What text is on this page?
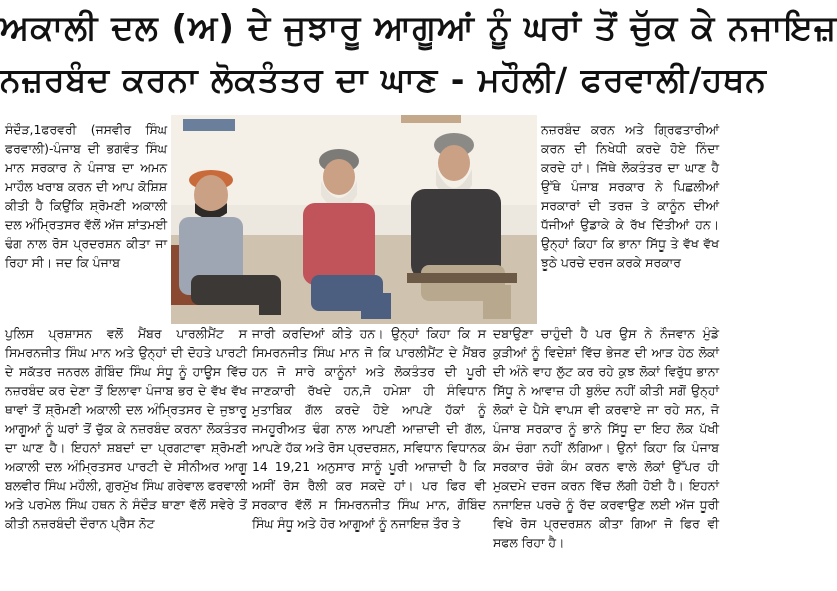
ਅਕਾਲੀ ਦਲ (ਅ) ਦੇ ਜੁਝਾਰੂ ਆਗੂਆਂ ਨੂੰ ਘਰਾਂ ਤੋਂ ਚੁੱਕ ਕੇ ਨਜਾਇਜ਼
ਨਜ਼ਰਬੰਦ ਕਰਨਾ ਲੋਕਤੰਤਰ ਦਾ ਘਾਣ - ਮਹੌਲੀ/ ਫਰਵਾਲੀ/ਹਥਨ

ਸੰਦੌੜ,1ਫਰਵਰੀ (ਜਸਵੀਰ ਸਿੰਘ ਫਰਵਾਲੀ)-ਪੰਜਾਬ ਦੀ ਭਗਵੰਤ ਸਿੰਘ ਮਾਨ ਸਰਕਾਰ ਨੇ ਪੰਜਾਬ ਦਾ ਅਮਨ ਮਾਹੌਲ ਖਰਾਬ ਕਰਨ ਦੀ ਆਪ ਕੋਸ਼ਿਸ਼ ਕੀਤੀ ਹੈ ਕਿਉਂਕਿ ਸ਼੍ਰੋਮਣੀ ਅਕਾਲੀ ਦਲ ਅੰਮ੍ਰਿਤਸਰ ਵੱਲੋਂ ਅੱਜ ਸ਼ਾਂਤਮਈ ਢੰਗ ਨਾਲ ਰੋਸ ਪ੍ਰਦਰਸ਼ਨ ਕੀਤਾ ਜਾ ਰਿਹਾ ਸੀ। ਜਦ ਕਿ ਪੰਜਾਬ

ਨਜ਼ਰਬੰਦ ਕਰਨ ਅਤੇ ਗ੍ਰਿਫਤਾਰੀਆਂ ਕਰਨ ਦੀ ਨਿਖੇਧੀ ਕਰਦੇ ਹੋਏ ਨਿੰਦਾ ਕਰਦੇ ਹਾਂ। ਜਿੱਥੇ ਲੋਕਤੰਤਰ ਦਾ ਘਾਣ ਹੈ ਉੱਥੇ ਪੰਜਾਬ ਸਰਕਾਰ ਨੇ ਪਿਛਲੀਆਂ ਸਰਕਾਰਾਂ ਦੀ ਤਰਜ਼ ਤੇ ਕਾਨੂੰਨ ਦੀਆਂ ਧੱਜੀਆਂ ਉਡਾਕੇ ਕੇ ਰੱਖ ਦਿੱਤੀਆਂ ਹਨ। ਉਨ੍ਹਾਂ ਕਿਹਾ ਕਿ ਭਾਨਾ ਸਿੱਧੂ ਤੇ ਵੱਖ ਵੱਖ ਝੂਠੇ ਪਰਚੇ ਦਰਜ ਕਰਕੇ ਸਰਕਾਰ

ਪੁਲਿਸ ਪ੍ਰਸ਼ਾਸਨ ਵਲੋਂ ਮੈਂਬਰ ਪਾਰਲੀਮੈਂਟ ਸ ਸਿਮਰਨਜੀਤ ਸਿੰਘ ਮਾਨ ਅਤੇ ਉਨ੍ਹਾਂ ਦੀ ਦੋਹਤੇ ਪਾਰਟੀ ਦੇ ਸਕੱਤਰ ਜਨਰਲ ਗੋਬਿੰਦ ਸਿੰਘ ਸੰਧੂ ਨੂੰ ਹਾਊਸ ਵਿੱਚ ਨਜ਼ਰਬੰਦ ਕਰ ਦੇਣਾ ਤੋਂ ਇਲਾਵਾ ਪੰਜਾਬ ਭਰ ਦੇ ਵੱਖ ਵੱਖ ਥਾਵਾਂ ਤੋਂ ਸ਼੍ਰੋਮਣੀ ਅਕਾਲੀ ਦਲ ਅੰਮ੍ਰਿਤਸਰ ਦੇ ਜੁਝਾਰੂ ਆਗੂਆਂ ਨੂੰ ਘਰਾਂ ਤੋਂ ਚੁੱਕ ਕੇ ਨਜ਼ਰਬੰਦ ਕਰਨਾ ਲੋਕਤੰਤਰ ਦਾ ਘਾਣ ਹੈ। ਇਹਨਾਂ ਸ਼ਬਦਾਂ ਦਾ ਪ੍ਰਗਟਾਵਾ ਸ਼੍ਰੋਮਣੀ ਅਕਾਲੀ ਦਲ ਅੰਮ੍ਰਿਤਸਰ ਪਾਰਟੀ ਦੇ ਸੀਨੀਅਰ ਆਗੂ ਬਲਵੀਰ ਸਿੰਘ ਮਹੌਲੀ, ਗੁਰਮੁੱਖ ਸਿੰਘ ਗਰੇਵਾਲ ਫਰਵਾਲੀ ਅਤੇ ਪਰਮੇਲ ਸਿੰਘ ਹਥਨ ਨੇ ਸੰਦੌੜ ਥਾਣਾ ਵੱਲੋਂ ਸਵੇਰੇ ਤੋਂ ਕੀਤੀ ਨਜ਼ਰਬੰਦੀ ਦੌਰਾਨ ਪ੍ਰੈਸ ਨੋਟ

ਜਾਰੀ ਕਰਦਿਆਂ ਕੀਤੇ ਹਨ। ਉਨ੍ਹਾਂ ਕਿਹਾ ਕਿ ਸ ਸਿਮਰਨਜੀਤ ਸਿੰਘ ਮਾਨ ਜੋ ਕਿ ਪਾਰਲੀਮੈਂਟ ਦੇ ਮੈਂਬਰ ਹਨ ਜੋ ਸਾਰੇ ਕਾਨੂੰਨਾਂ ਅਤੇ ਲੋਕਤੰਤਰ ਦੀ ਪੂਰੀ ਜਾਣਕਾਰੀ ਰੱਖਦੇ ਹਨ,ਜੋ ਹਮੇਸ਼ਾ ਹੀ ਸੰਵਿਧਾਨ ਮੁਤਾਬਿਕ ਗੱਲ ਕਰਦੇ ਹੋਏ ਆਪਣੇ ਹੱਕਾਂ ਨੂੰ ਜਮਹੂਰੀਅਤ ਢੰਗ ਨਾਲ ਆਪਣੀ ਆਜ਼ਾਦੀ ਦੀ ਗੱਲ, ਆਪਣੇ ਹੱਕ ਅਤੇ ਰੋਸ ਪ੍ਰਦਰਸ਼ਨ, ਸਵਿਧਾਨ ਵਿਧਾਨਕ 14 19,21 ਅਨੁਸਾਰ ਸਾਨੂੰ ਪੂਰੀ ਆਜ਼ਾਦੀ ਹੈ ਕਿ ਅਸੀਂ ਰੋਸ ਰੈਲੀ ਕਰ ਸਕਦੇ ਹਾਂ। ਪਰ ਫਿਰ ਵੀ ਸਰਕਾਰ ਵੱਲੋਂ ਸ ਸਿਮਰਨਜੀਤ ਸਿੰਘ ਮਾਨ, ਗੋਬਿੰਦ ਸਿੰਘ ਸੰਧੂ ਅਤੇ ਹੋਰ ਆਗੂਆਂ ਨੂੰ ਨਜਾਇਜ਼ ਤੌਰ ਤੇ

ਦਬਾਉਣਾ ਚਾਹੁੰਦੀ ਹੈ ਪਰ ਉਸ ਨੇ ਨੌਜਵਾਨ ਮੁੰਡੇ ਕੁੜੀਆਂ ਨੂੰ ਵਿਦੇਸ਼ਾਂ ਵਿੱਚ ਭੇਜਣ ਦੀ ਆੜ ਹੇਠ ਲੋਕਾਂ ਦੀ ਅੰਨੇ ਵਾਹ ਲੁੱਟ ਕਰ ਰਹੇ ਕੁਝ ਲੋਕਾਂ ਵਿਰੁੱਧ ਭਾਨਾ ਸਿੱਧੂ ਨੇ ਆਵਾਜ਼ ਹੀ ਬੁਲੰਦ ਨਹੀਂ ਕੀਤੀ ਸਗੋਂ ਉਨ੍ਹਾਂ ਲੋਕਾਂ ਦੇ ਪੈਸੇ ਵਾਪਸ ਵੀ ਕਰਵਾਏ ਜਾ ਰਹੇ ਸਨ, ਜੋ ਪੰਜਾਬ ਸਰਕਾਰ ਨੂੰ ਭਾਨੇ ਸਿੱਧੂ ਦਾ ਇਹ ਲੋਕ ਪੱਖੀ ਕੰਮ ਚੰਗਾ ਨਹੀਂ ਲੱਗਿਆ। ਉਨਾਂ ਕਿਹਾ ਕਿ ਪੰਜਾਬ ਸਰਕਾਰ ਚੰਗੇ ਕੰਮ ਕਰਨ ਵਾਲੇ ਲੋਕਾਂ ਉੱਪਰ ਹੀ ਮੁਕਦਮੇ ਦਰਜ ਕਰਨ ਵਿੱਚ ਲੱਗੀ ਹੋਈ ਹੈ। ਇਹਨਾਂ ਨਜਾਇਜ਼ ਪਰਚੇ ਨੂੰ ਰੱਦ ਕਰਵਾਉਣ ਲਈ ਅੱਜ ਧੂਰੀ ਵਿਖੇ ਰੋਸ ਪ੍ਰਦਰਸ਼ਨ ਕੀਤਾ ਗਿਆ ਜੋ ਫਿਰ ਵੀ ਸਫਲ ਰਿਹਾ ਹੈ।
